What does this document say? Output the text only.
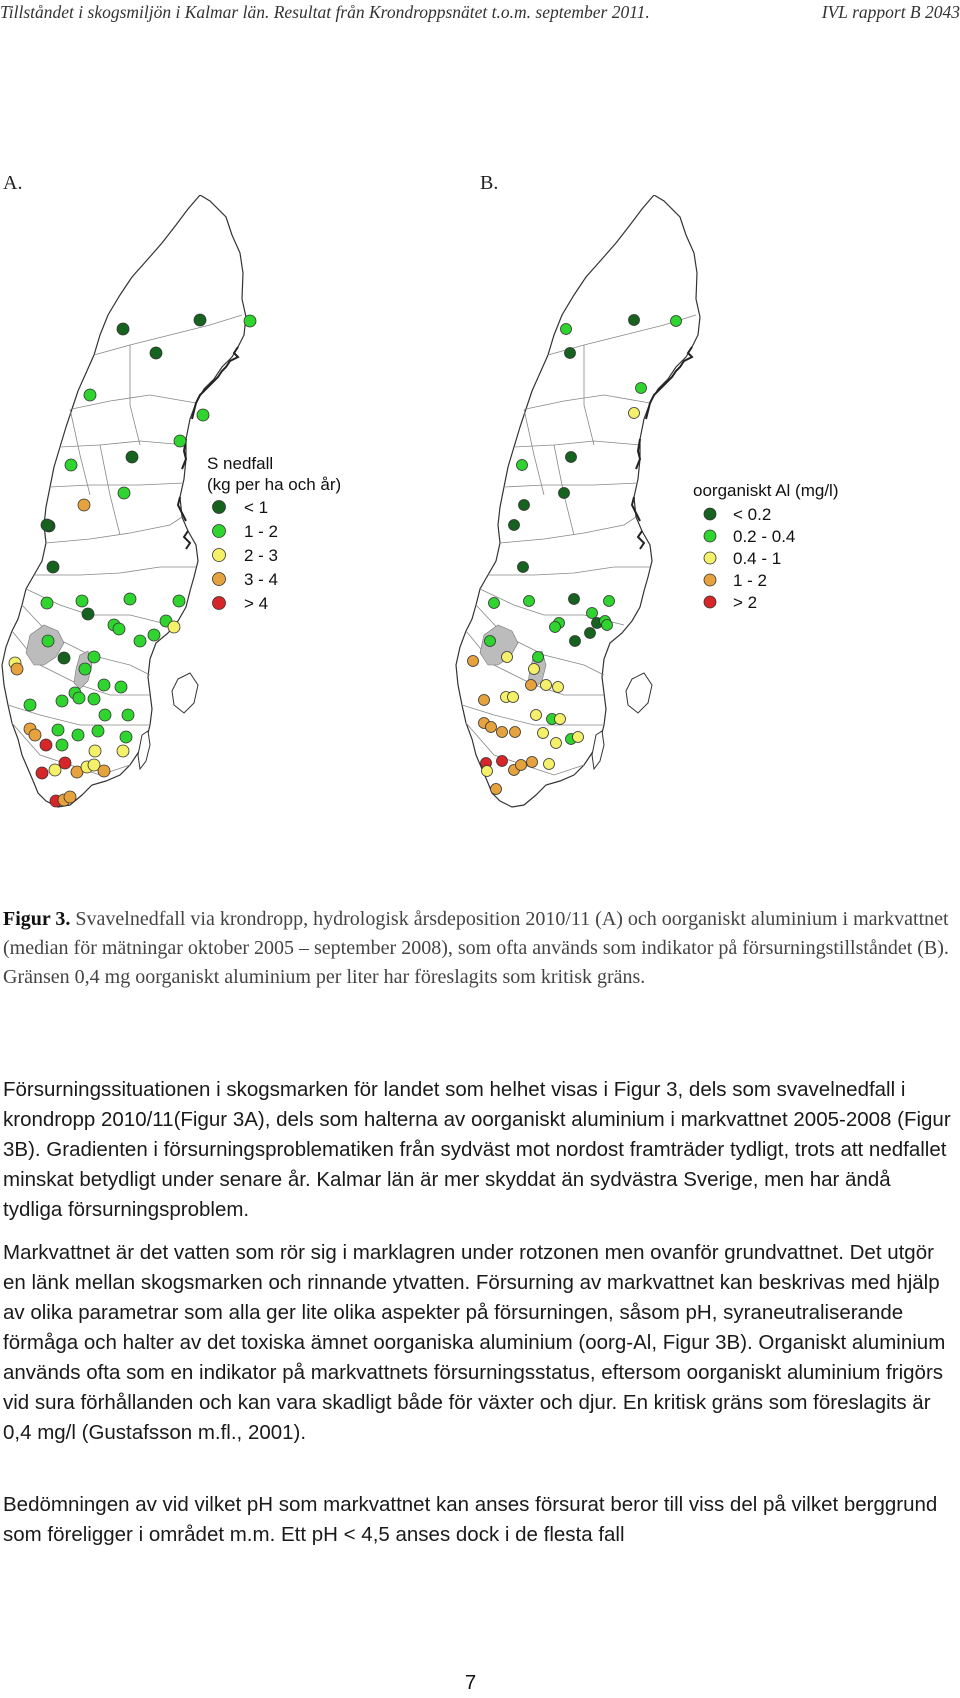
Tillståndet i skogsmiljön i Kalmar län. Resultat från Krondroppsnätet t.o.m. september 2011.	IVL rapport B 2043
A.	B.
S nedfall
(kg per ha och år)
< 1
1 - 2
2 - 3
3 - 4
> 4
oorganiskt Al (mg/l)
< 0.2
0.2 - 0.4
0.4 - 1
1 - 2
> 2
Figur 3. Svavelnedfall via krondropp, hydrologisk årsdeposition 2010/11 (A) och oorganiskt aluminium i markvattnet (median för mätningar oktober 2005 – september 2008), som ofta används som indikator på försurningstillståndet (B). Gränsen 0,4 mg oorganiskt aluminium per liter har föreslagits som kritisk gräns.

Försurningssituationen i skogsmarken för landet som helhet visas i Figur 3, dels som svavelnedfall i krondropp 2010/11(Figur 3A), dels som halterna av oorganiskt aluminium i markvattnet 2005-2008 (Figur 3B). Gradienten i försurningsproblematiken från sydväst mot nordost framträder tydligt, trots att nedfallet minskat betydligt under senare år. Kalmar län är mer skyddat än sydvästra Sverige, men har ändå tydliga försurningsproblem.

Markvattnet är det vatten som rör sig i marklagren under rotzonen men ovanför grundvattnet. Det utgör en länk mellan skogsmarken och rinnande ytvatten. Försurning av markvattnet kan beskrivas med hjälp av olika parametrar som alla ger lite olika aspekter på försurningen, såsom pH, syraneutraliserande förmåga och halter av det toxiska ämnet oorganiska aluminium (oorg-Al, Figur 3B). Organiskt aluminium används ofta som en indikator på markvattnets försurningsstatus, eftersom oorganiskt aluminium frigörs vid sura förhållanden och kan vara skadligt både för växter och djur. En kritisk gräns som föreslagits är 0,4 mg/l (Gustafsson m.fl., 2001).

Bedömningen av vid vilket pH som markvattnet kan anses försurat beror till viss del på vilket berggrund som föreligger i området m.m. Ett pH < 4,5 anses dock i de flesta fall

7
